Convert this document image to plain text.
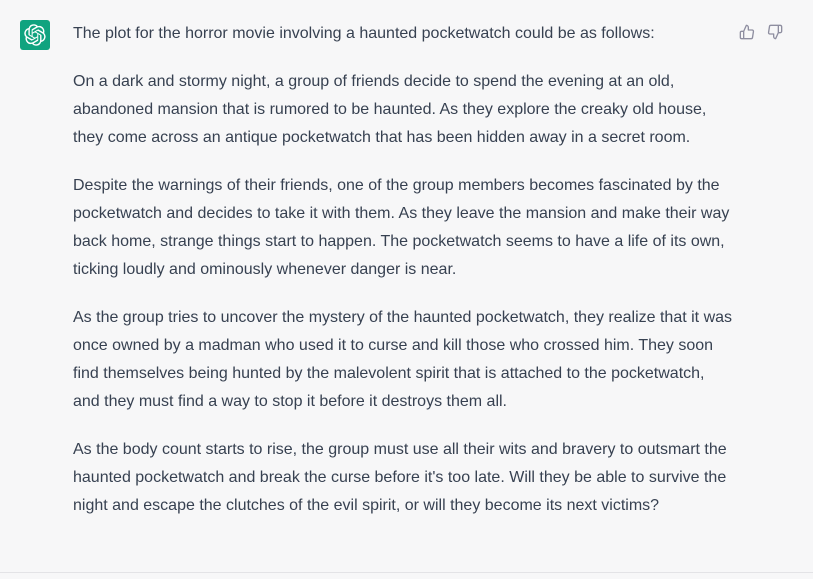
The plot for the horror movie involving a haunted pocketwatch could be as follows:

On a dark and stormy night, a group of friends decide to spend the evening at an old, abandoned mansion that is rumored to be haunted. As they explore the creaky old house, they come across an antique pocketwatch that has been hidden away in a secret room.

Despite the warnings of their friends, one of the group members becomes fascinated by the pocketwatch and decides to take it with them. As they leave the mansion and make their way back home, strange things start to happen. The pocketwatch seems to have a life of its own, ticking loudly and ominously whenever danger is near.

As the group tries to uncover the mystery of the haunted pocketwatch, they realize that it was once owned by a madman who used it to curse and kill those who crossed him. They soon find themselves being hunted by the malevolent spirit that is attached to the pocketwatch, and they must find a way to stop it before it destroys them all.

As the body count starts to rise, the group must use all their wits and bravery to outsmart the haunted pocketwatch and break the curse before it's too late. Will they be able to survive the night and escape the clutches of the evil spirit, or will they become its next victims?
